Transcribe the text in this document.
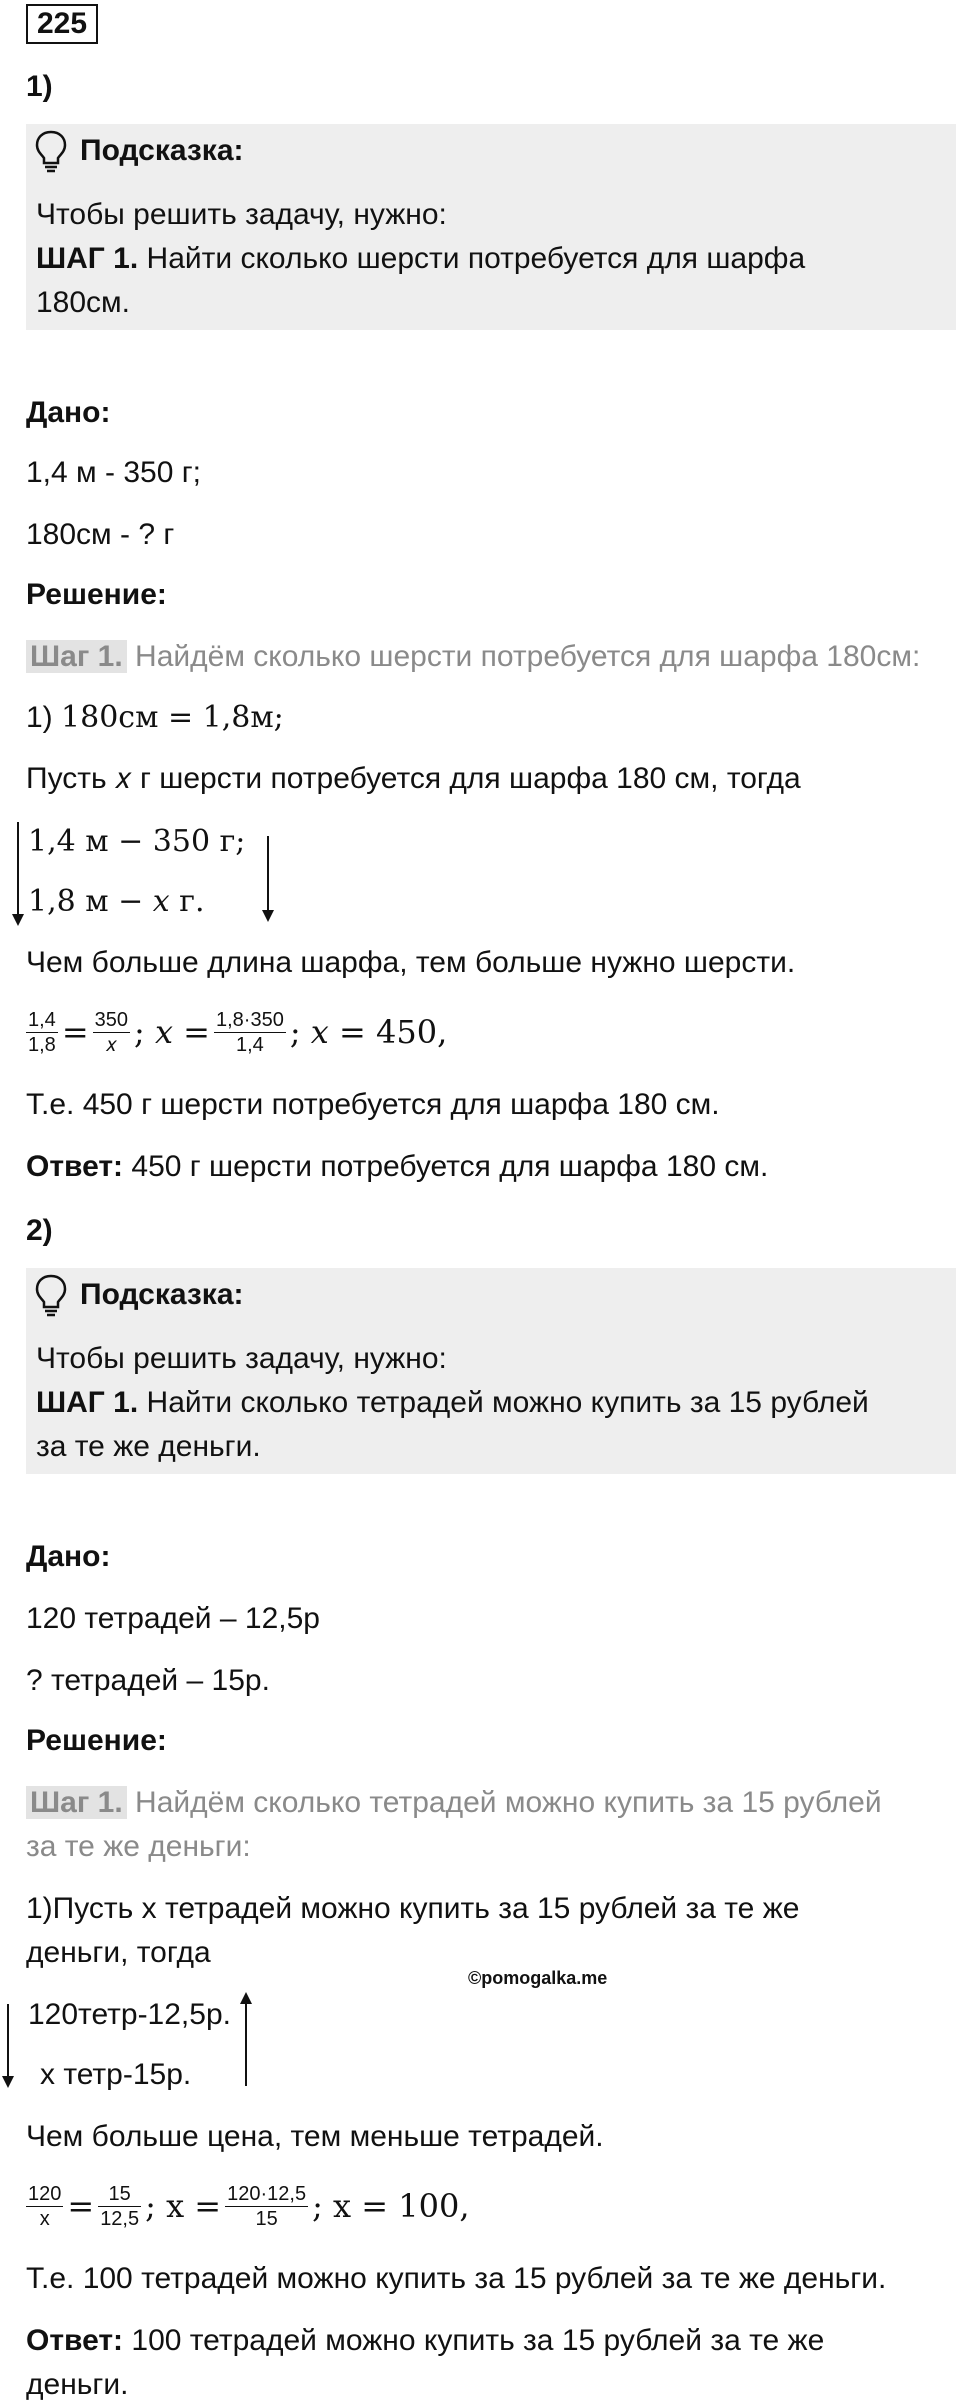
225
1)
Подсказка:
Чтобы решить задачу, нужно:
ШАГ 1. Найти сколько шерсти потребуется для шарфа
180см.
Дано:
1,4 м - 350 г;
180см - ? г
Решение:
Шаг 1. Найдём сколько шерсти потребуется для шарфа 180см:
1) 180см = 1,8м;
Пусть 𝑥 г шерсти потребуется для шарфа 180 см, тогда
1,4 м − 350 г;
1,8 м − 𝑥 г.
Чем больше длина шарфа, тем больше нужно шерсти.
$\frac{1,4}{1,8} = \frac{350}{\text{𝑥}}$ ; 𝑥 = $\frac{1,8\cdot 350}{1,4}$ ; 𝑥 = 450,
Т.е. 450 г шерсти потребуется для шарфа 180 см.
Ответ: 450 г шерсти потребуется для шарфа 180 см.
2)
Подсказка:
Чтобы решить задачу, нужно:
ШАГ 1. Найти сколько тетрадей можно купить за 15 рублей
за те же деньги.
Дано:
120 тетрадей – 12,5р
? тетрадей – 15р.
Решение:
Шаг 1. Найдём сколько тетрадей можно купить за 15 рублей
за те же деньги:
1)Пусть x тетрадей можно купить за 15 рублей за те же
деньги, тогда
©pomogalka.me
120тетр-12,5р.
x тетр-15р.
Чем больше цена, тем меньше тетрадей.
$\frac{120}{x} = \frac{15}{12,5}$ ; $x = \frac{120\cdot 12,5}{15}$ ; x = 100,
Т.е. 100 тетрадей можно купить за 15 рублей за те же деньги.
Ответ: 100 тетрадей можно купить за 15 рублей за те же
деньги.
